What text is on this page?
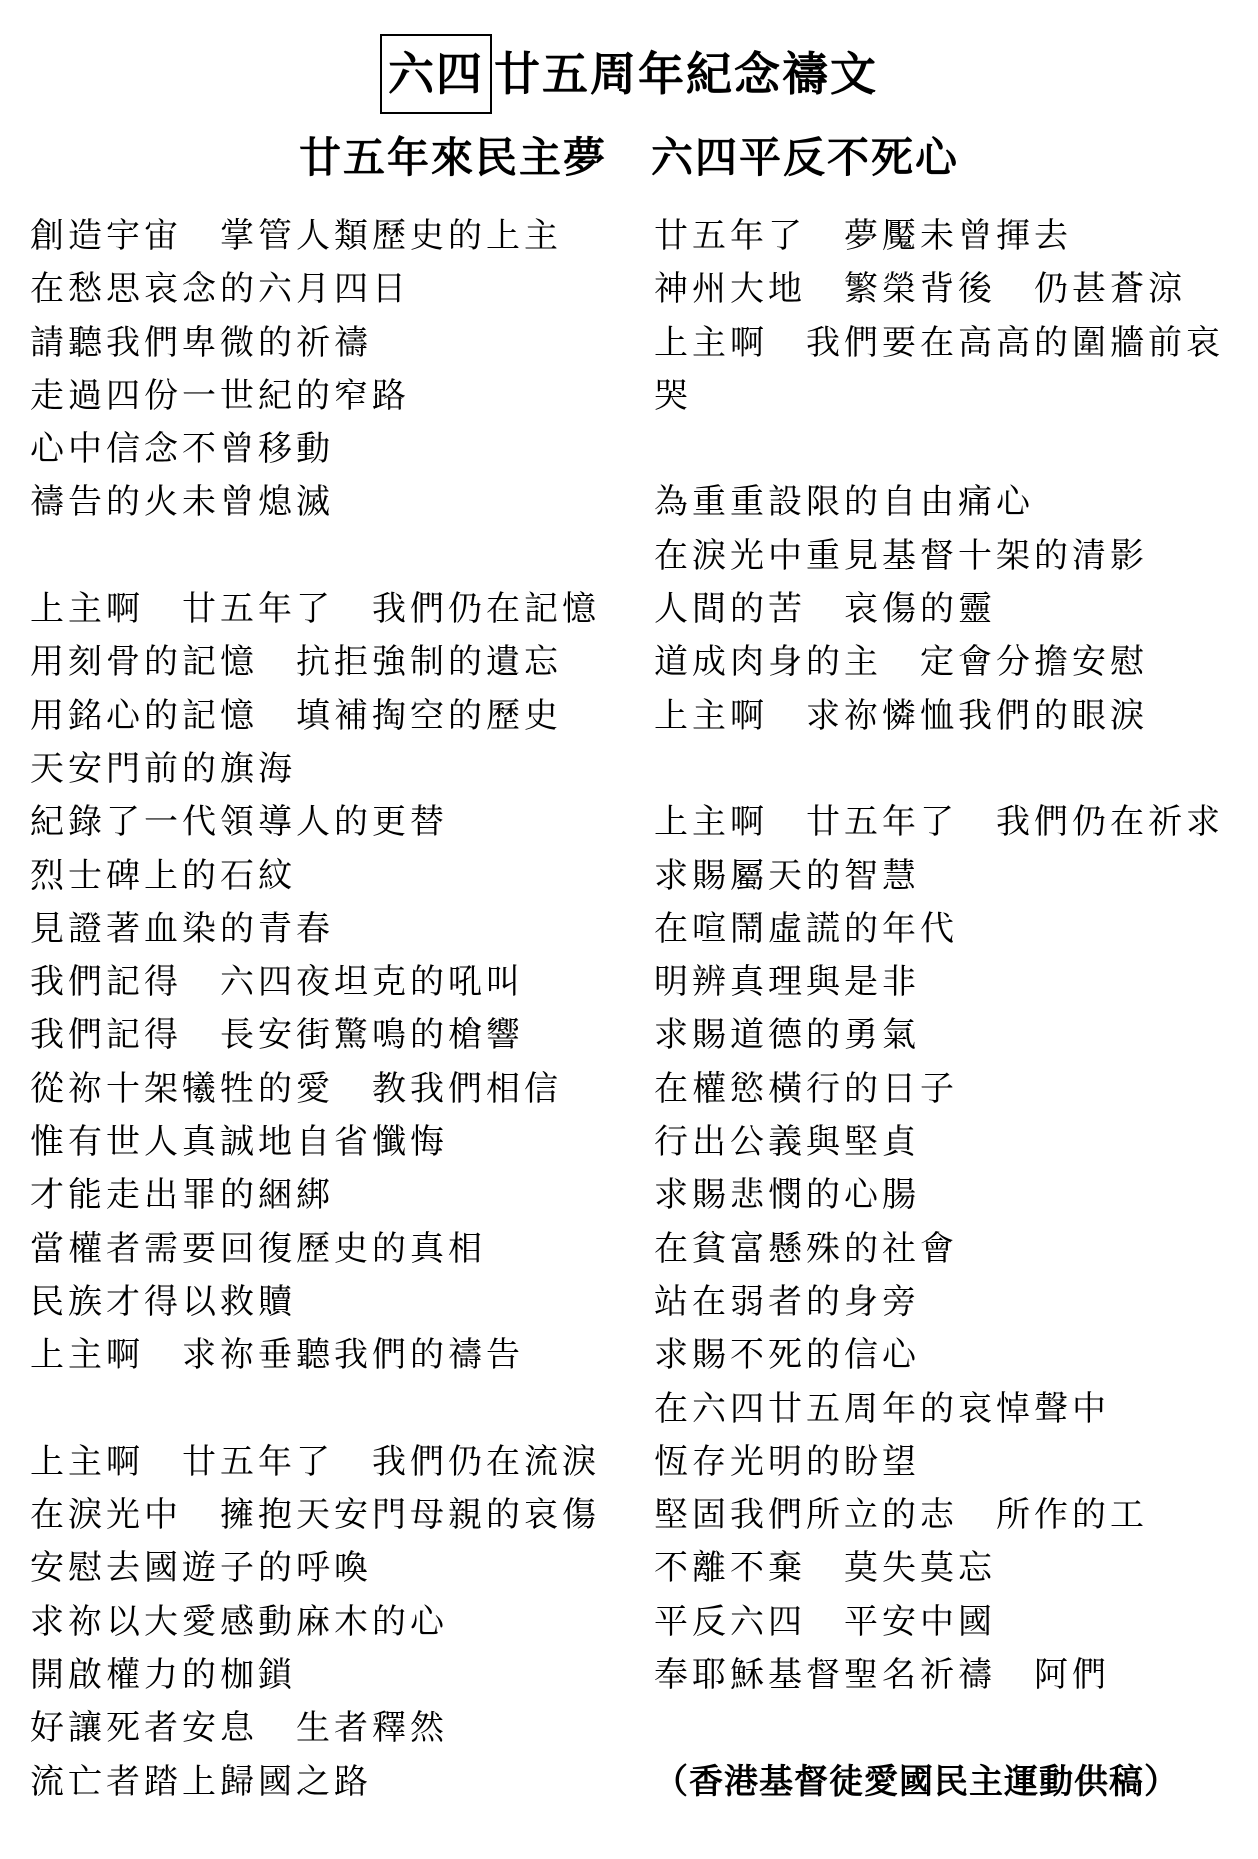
六四 廿五周年紀念禱文
廿五年來民主夢　六四平反不死心
創造宇宙　掌管人類歷史的上主
在愁思哀念的六月四日
請聽我們卑微的祈禱
走過四份一世紀的窄路
心中信念不曾移動
禱告的火未曾熄滅
上主啊　廿五年了　我們仍在記憶
用刻骨的記憶　抗拒強制的遺忘
用銘心的記憶　填補掏空的歷史
天安門前的旗海
紀錄了一代領導人的更替
烈士碑上的石紋
見證著血染的青春
我們記得　六四夜坦克的吼叫
我們記得　長安街驚鳴的槍響
從祢十架犧牲的愛　教我們相信
惟有世人真誠地自省懺悔
才能走出罪的綑綁
當權者需要回復歷史的真相
民族才得以救贖
上主啊　求祢垂聽我們的禱告
上主啊　廿五年了　我們仍在流淚
在淚光中　擁抱天安門母親的哀傷
安慰去國遊子的呼喚
求祢以大愛感動麻木的心
開啟權力的枷鎖
好讓死者安息　生者釋然
流亡者踏上歸國之路
廿五年了　夢魘未曾揮去
神州大地　繁榮背後　仍甚蒼涼
上主啊　我們要在高高的圍牆前哀
哭
為重重設限的自由痛心
在淚光中重見基督十架的清影
人間的苦　哀傷的靈
道成肉身的主　定會分擔安慰
上主啊　求祢憐恤我們的眼淚
上主啊　廿五年了　我們仍在祈求
求賜屬天的智慧
在喧鬧虛謊的年代
明辨真理與是非
求賜道德的勇氣
在權慾橫行的日子
行出公義與堅貞
求賜悲憫的心腸
在貧富懸殊的社會
站在弱者的身旁
求賜不死的信心
在六四廿五周年的哀悼聲中
恆存光明的盼望
堅固我們所立的志　所作的工
不離不棄　莫失莫忘
平反六四　平安中國
奉耶穌基督聖名祈禱　阿們
（香港基督徒愛國民主運動供稿）
